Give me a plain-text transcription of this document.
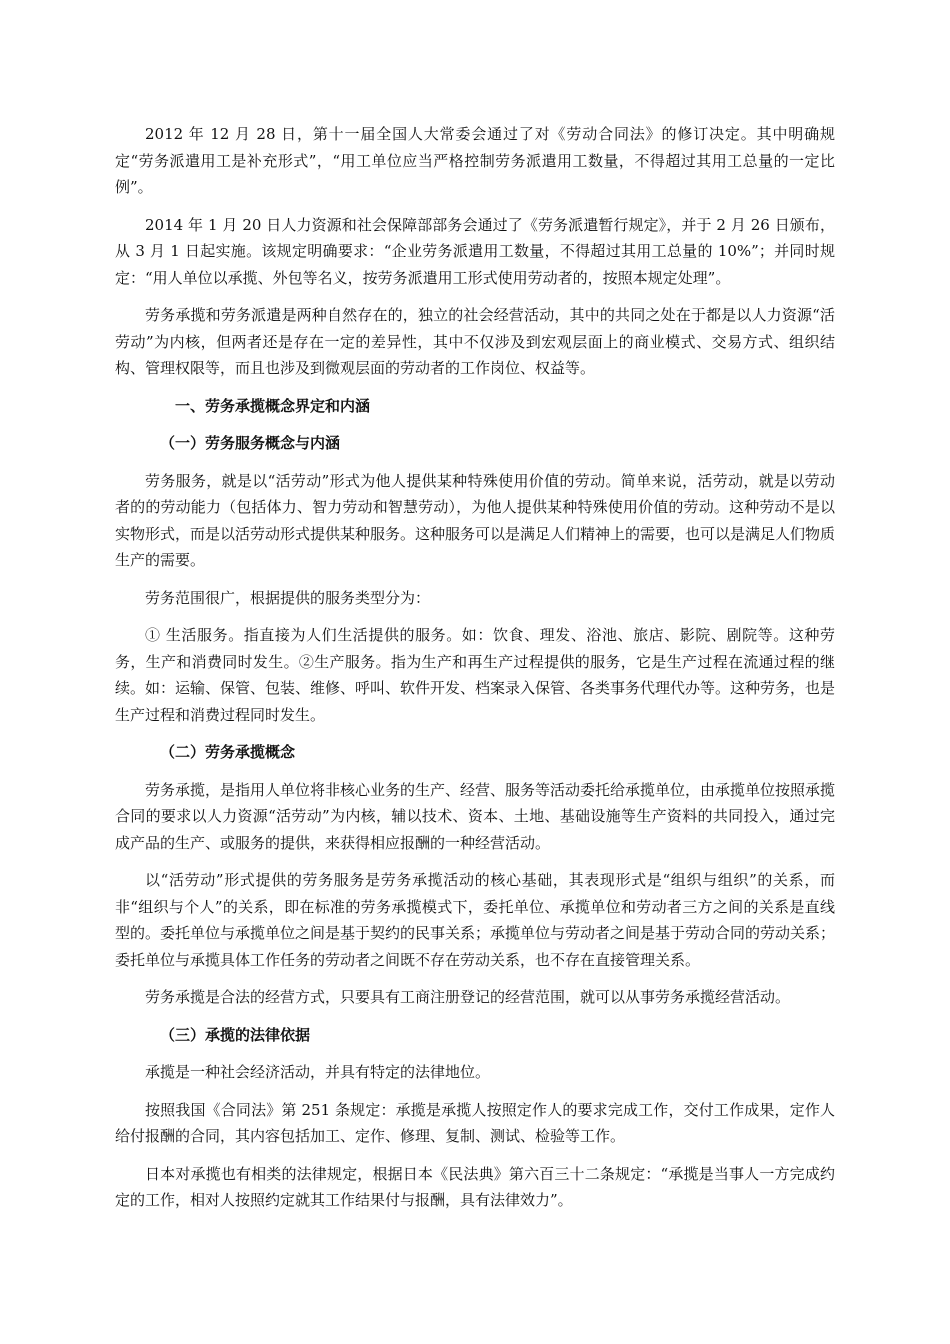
2012 年 12 月 28 日，第十一届全国人大常委会通过了对《劳动合同法》的修订决定。其中明确规定“劳务派遣用工是补充形式”，“用工单位应当严格控制劳务派遣用工数量，不得超过其用工总量的一定比例”。

2014 年 1 月 20 日人力资源和社会保障部部务会通过了《劳务派遣暂行规定》，并于 2 月 26 日颁布，从 3 月 1 日起实施。该规定明确要求：“企业劳务派遣用工数量，不得超过其用工总量的 10%”；并同时规定：“用人单位以承揽、外包等名义，按劳务派遣用工形式使用劳动者的，按照本规定处理”。

劳务承揽和劳务派遣是两种自然存在的，独立的社会经营活动，其中的共同之处在于都是以人力资源“活劳动”为内核，但两者还是存在一定的差异性，其中不仅涉及到宏观层面上的商业模式、交易方式、组织结构、管理权限等，而且也涉及到微观层面的劳动者的工作岗位、权益等。

一、劳务承揽概念界定和内涵
（一）劳务服务概念与内涵

劳务服务，就是以“活劳动”形式为他人提供某种特殊使用价值的劳动。简单来说，活劳动，就是以劳动者的的劳动能力（包括体力、智力劳动和智慧劳动），为他人提供某种特殊使用价值的劳动。这种劳动不是以实物形式，而是以活劳动形式提供某种服务。这种服务可以是满足人们精神上的需要，也可以是满足人们物质生产的需要。

劳务范围很广，根据提供的服务类型分为：

① 生活服务。指直接为人们生活提供的服务。如：饮食、理发、浴池、旅店、影院、剧院等。这种劳务，生产和消费同时发生。②生产服务。指为生产和再生产过程提供的服务，它是生产过程在流通过程的继续。如：运输、保管、包装、维修、呼叫、软件开发、档案录入保管、各类事务代理代办等。这种劳务，也是生产过程和消费过程同时发生。

（二）劳务承揽概念

劳务承揽，是指用人单位将非核心业务的生产、经营、服务等活动委托给承揽单位，由承揽单位按照承揽合同的要求以人力资源“活劳动”为内核，辅以技术、资本、土地、基础设施等生产资料的共同投入，通过完成产品的生产、或服务的提供，来获得相应报酬的一种经营活动。

以“活劳动”形式提供的劳务服务是劳务承揽活动的核心基础，其表现形式是“组织与组织”的关系，而非“组织与个人”的关系，即在标准的劳务承揽模式下，委托单位、承揽单位和劳动者三方之间的关系是直线型的。委托单位与承揽单位之间是基于契约的民事关系；承揽单位与劳动者之间是基于劳动合同的劳动关系；委托单位与承揽具体工作任务的劳动者之间既不存在劳动关系，也不存在直接管理关系。

劳务承揽是合法的经营方式，只要具有工商注册登记的经营范围，就可以从事劳务承揽经营活动。

（三）承揽的法律依据

承揽是一种社会经济活动，并具有特定的法律地位。

按照我国《合同法》第 251 条规定：承揽是承揽人按照定作人的要求完成工作，交付工作成果，定作人给付报酬的合同，其内容包括加工、定作、修理、复制、测试、检验等工作。

日本对承揽也有相类的法律规定，根据日本《民法典》第六百三十二条规定：“承揽是当事人一方完成约定的工作，相对人按照约定就其工作结果付与报酬，具有法律效力”。
